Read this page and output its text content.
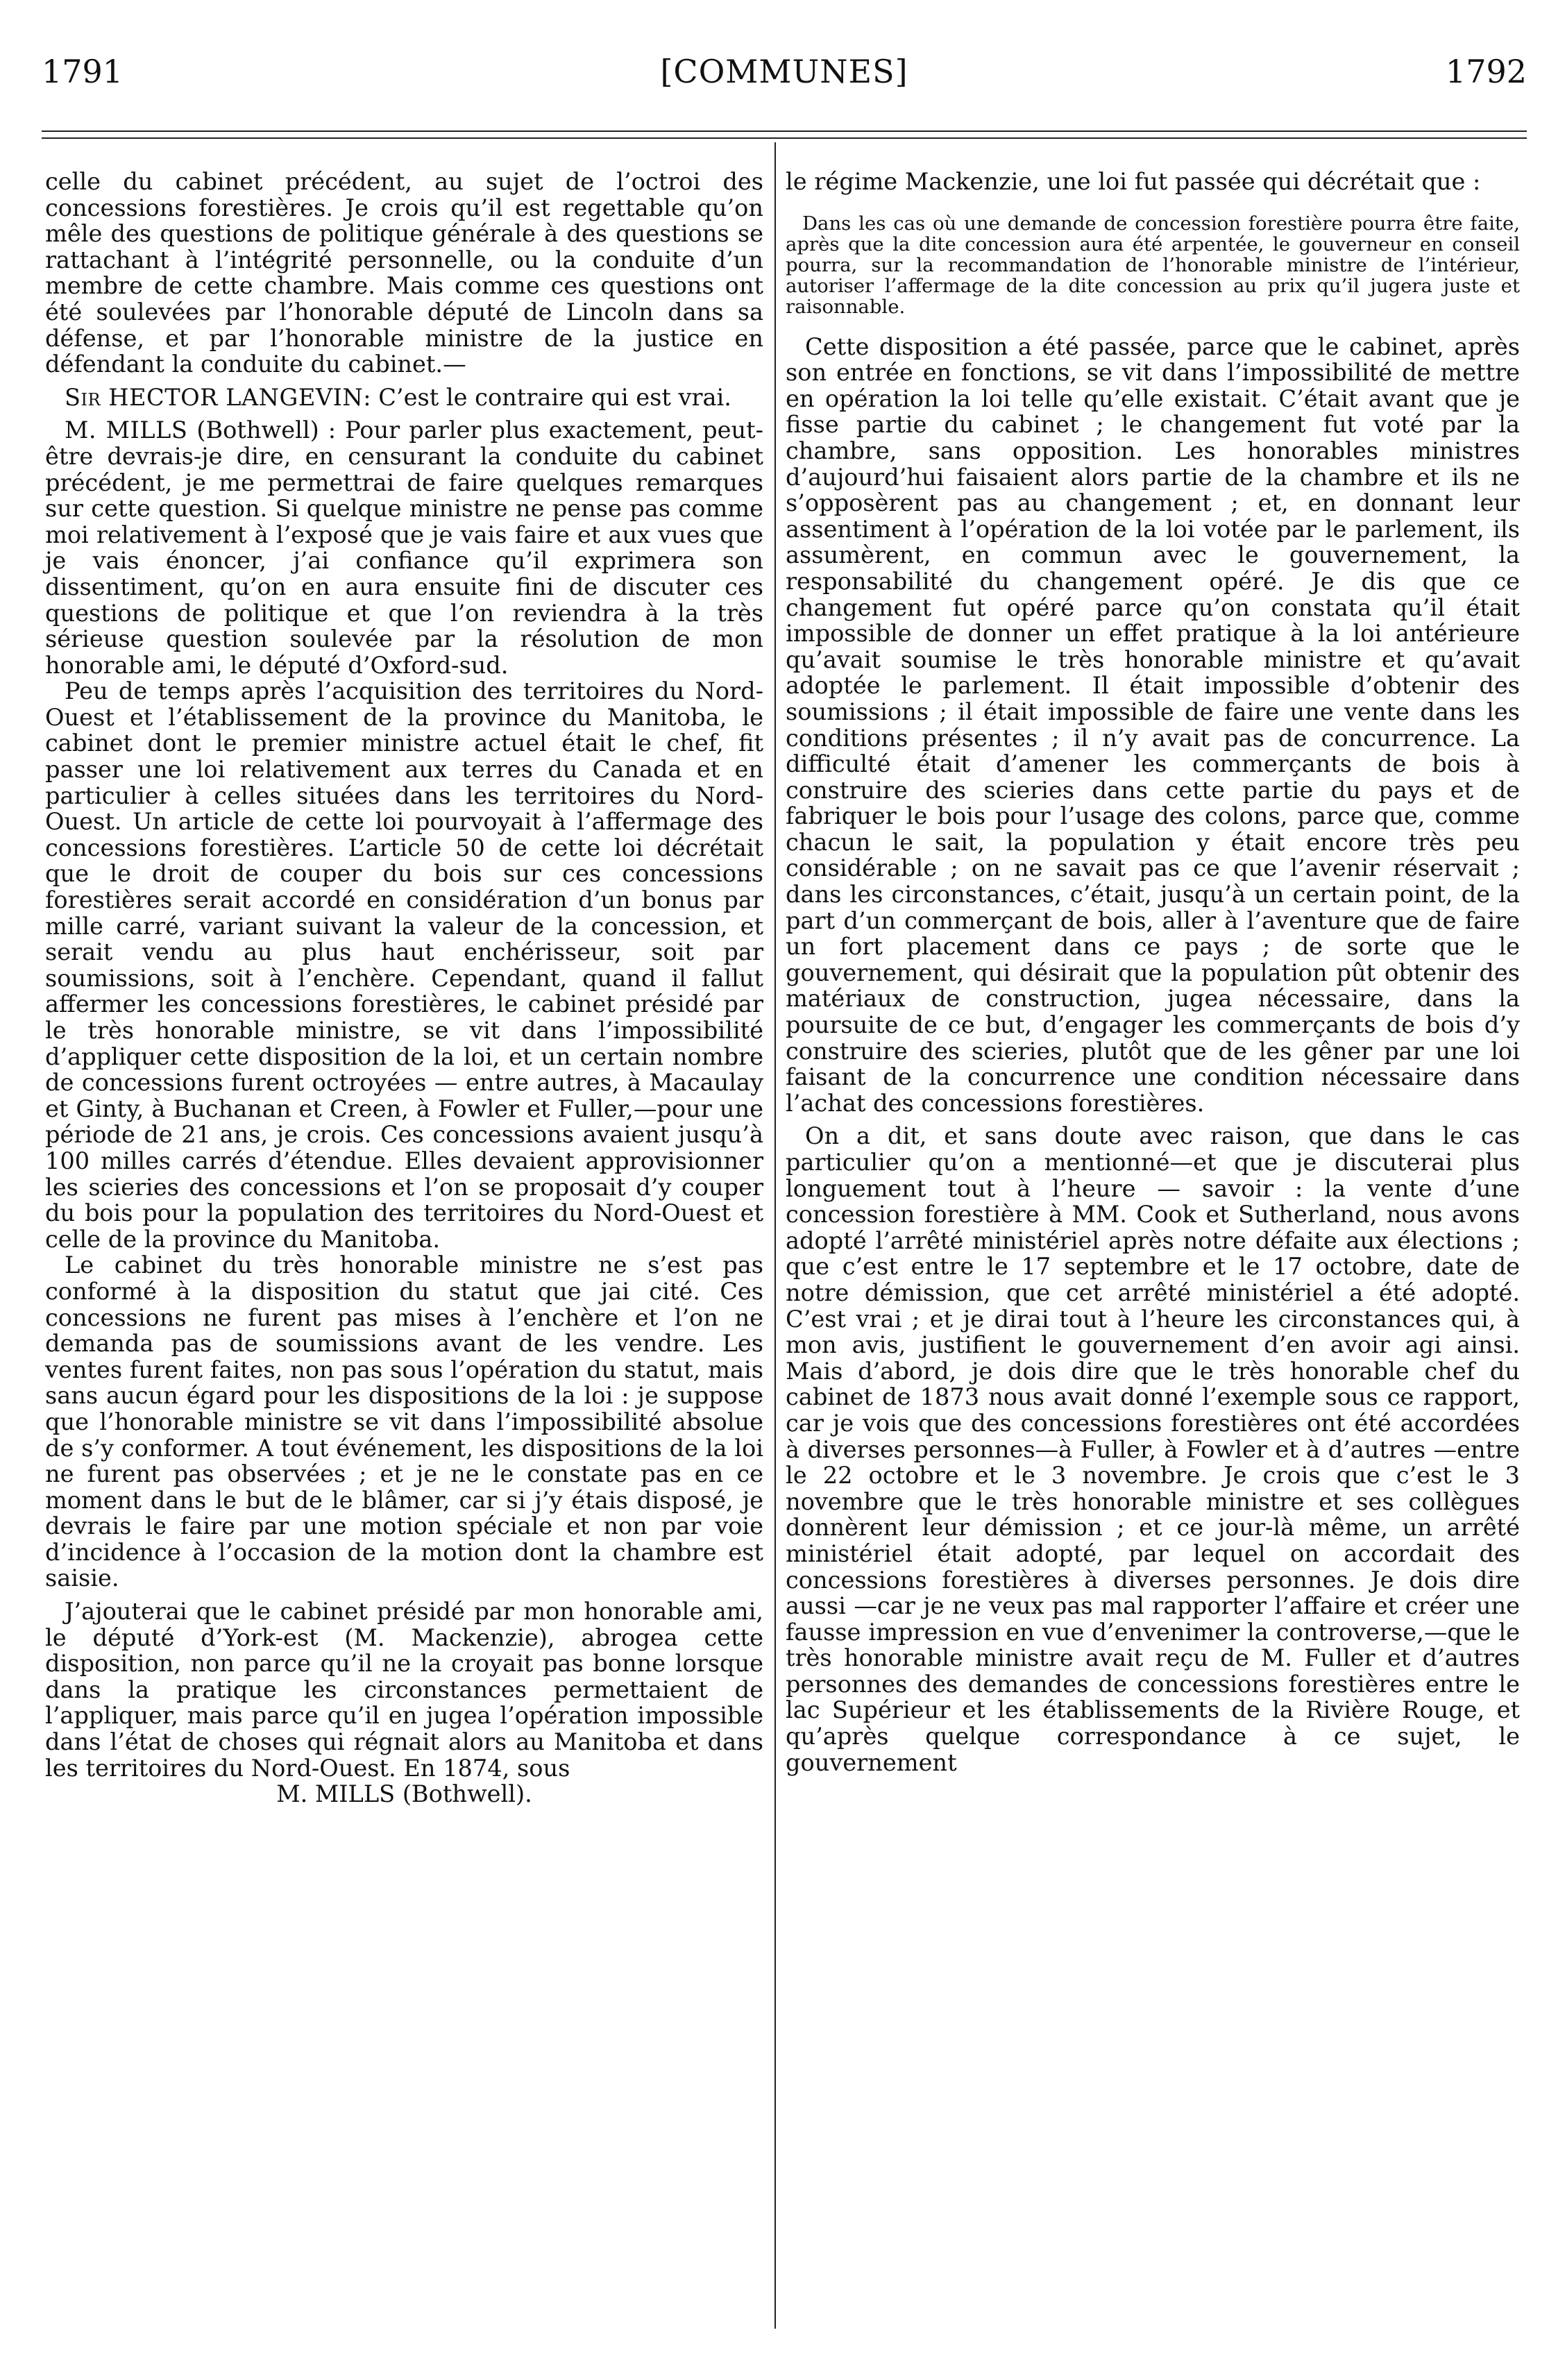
1791	[COMMUNES]	1792

celle du cabinet précédent, au sujet de l’octroi des concessions forestières. Je crois qu’il est regettable qu’on mêle des questions de politique générale à des questions se rattachant à l’intégrité personnelle, ou la conduite d’un membre de cette chambre. Mais comme ces questions ont été soulevées par l’honorable député de Lincoln dans sa défense, et par l’honorable ministre de la justice en défendant la conduite du cabinet.—

Sir HECTOR LANGEVIN: C’est le contraire qui est vrai.

M. MILLS (Bothwell) : Pour parler plus exactement, peut-être devrais-je dire, en censurant la conduite du cabinet précédent, je me permettrai de faire quelques remarques sur cette question. Si quelque ministre ne pense pas comme moi relativement à l’exposé que je vais faire et aux vues que je vais énoncer, j’ai confiance qu’il exprimera son dissentiment, qu’on en aura ensuite fini de discuter ces questions de politique et que l’on reviendra à la très sérieuse question soulevée par la résolution de mon honorable ami, le député d’Oxford-sud.

Peu de temps après l’acquisition des territoires du Nord-Ouest et l’établissement de la province du Manitoba, le cabinet dont le premier ministre actuel était le chef, fit passer une loi relativement aux terres du Canada et en particulier à celles situées dans les territoires du Nord-Ouest. Un article de cette loi pourvoyait à l’affermage des concessions forestières. L’article 50 de cette loi décrétait que le droit de couper du bois sur ces concessions forestières serait accordé en considération d’un bonus par mille carré, variant suivant la valeur de la concession, et serait vendu au plus haut enchérisseur, soit par soumissions, soit à l’enchère. Cependant, quand il fallut affermer les concessions forestières, le cabinet présidé par le très honorable ministre, se vit dans l’impossibilité d’appliquer cette disposition de la loi, et un certain nombre de concessions furent octroyées — entre autres, à Macaulay et Ginty, à Buchanan et Creen, à Fowler et Fuller,—pour une période de 21 ans, je crois. Ces concessions avaient jusqu’à 100 milles carrés d’étendue. Elles devaient approvisionner les scieries des concessions et l’on se proposait d’y couper du bois pour la population des territoires du Nord-Ouest et celle de la province du Manitoba.

Le cabinet du très honorable ministre ne s’est pas conformé à la disposition du statut que jai cité. Ces concessions ne furent pas mises à l’enchère et l’on ne demanda pas de soumissions avant de les vendre. Les ventes furent faites, non pas sous l’opération du statut, mais sans aucun égard pour les dispositions de la loi : je suppose que l’honorable ministre se vit dans l’impossibilité absolue de s’y conformer. A tout événement, les dispositions de la loi ne furent pas observées ; et je ne le constate pas en ce moment dans le but de le blâmer, car si j’y étais disposé, je devrais le faire par une motion spéciale et non par voie d’incidence à l’occasion de la motion dont la chambre est saisie.

J’ajouterai que le cabinet présidé par mon honorable ami, le député d’York-est (M. Mackenzie), abrogea cette disposition, non parce qu’il ne la croyait pas bonne lorsque dans la pratique les circonstances permettaient de l’appliquer, mais parce qu’il en jugea l’opération impossible dans l’état de choses qui régnait alors au Manitoba et dans les territoires du Nord-Ouest. En 1874, sous

M. MILLS (Bothwell).

le régime Mackenzie, une loi fut passée qui décrétait que :

Dans les cas où une demande de concession forestière pourra être faite, après que la dite concession aura été arpentée, le gouverneur en conseil pourra, sur la recommandation de l’honorable ministre de l’intérieur, autoriser l’affermage de la dite concession au prix qu’il jugera juste et raisonnable.

Cette disposition a été passée, parce que le cabinet, après son entrée en fonctions, se vit dans l’impossibilité de mettre en opération la loi telle qu’elle existait. C’était avant que je fisse partie du cabinet ; le changement fut voté par la chambre, sans opposition. Les honorables ministres d’aujourd’hui faisaient alors partie de la chambre et ils ne s’opposèrent pas au changement ; et, en donnant leur assentiment à l’opération de la loi votée par le parlement, ils assumèrent, en commun avec le gouvernement, la responsabilité du changement opéré. Je dis que ce changement fut opéré parce qu’on constata qu’il était impossible de donner un effet pratique à la loi antérieure qu’avait soumise le très honorable ministre et qu’avait adoptée le parlement. Il était impossible d’obtenir des soumissions ; il était impossible de faire une vente dans les conditions présentes ; il n’y avait pas de concurrence. La difficulté était d’amener les commerçants de bois à construire des scieries dans cette partie du pays et de fabriquer le bois pour l’usage des colons, parce que, comme chacun le sait, la population y était encore très peu considérable ; on ne savait pas ce que l’avenir réservait ; dans les circonstances, c’était, jusqu’à un certain point, de la part d’un commerçant de bois, aller à l’aventure que de faire un fort placement dans ce pays ; de sorte que le gouvernement, qui désirait que la population pût obtenir des matériaux de construction, jugea nécessaire, dans la poursuite de ce but, d’engager les commerçants de bois d’y construire des scieries, plutôt que de les gêner par une loi faisant de la concurrence une condition nécessaire dans l’achat des concessions forestières.

On a dit, et sans doute avec raison, que dans le cas particulier qu’on a mentionné—et que je discuterai plus longuement tout à l’heure — savoir : la vente d’une concession forestière à MM. Cook et Sutherland, nous avons adopté l’arrêté ministériel après notre défaite aux élections ; que c’est entre le 17 septembre et le 17 octobre, date de notre démission, que cet arrêté ministériel a été adopté. C’est vrai ; et je dirai tout à l’heure les circonstances qui, à mon avis, justifient le gouvernement d’en avoir agi ainsi. Mais d’abord, je dois dire que le très honorable chef du cabinet de 1873 nous avait donné l’exemple sous ce rapport, car je vois que des concessions forestières ont été accordées à diverses personnes—à Fuller, à Fowler et à d’autres —entre le 22 octobre et le 3 novembre. Je crois que c’est le 3 novembre que le très honorable ministre et ses collègues donnèrent leur démission ; et ce jour-là même, un arrêté ministériel était adopté, par lequel on accordait des concessions forestières à diverses personnes. Je dois dire aussi —car je ne veux pas mal rapporter l’affaire et créer une fausse impression en vue d’envenimer la controverse,—que le très honorable ministre avait reçu de M. Fuller et d’autres personnes des demandes de concessions forestières entre le lac Supérieur et les établissements de la Rivière Rouge, et qu’après quelque correspondance à ce sujet, le gouvernement
